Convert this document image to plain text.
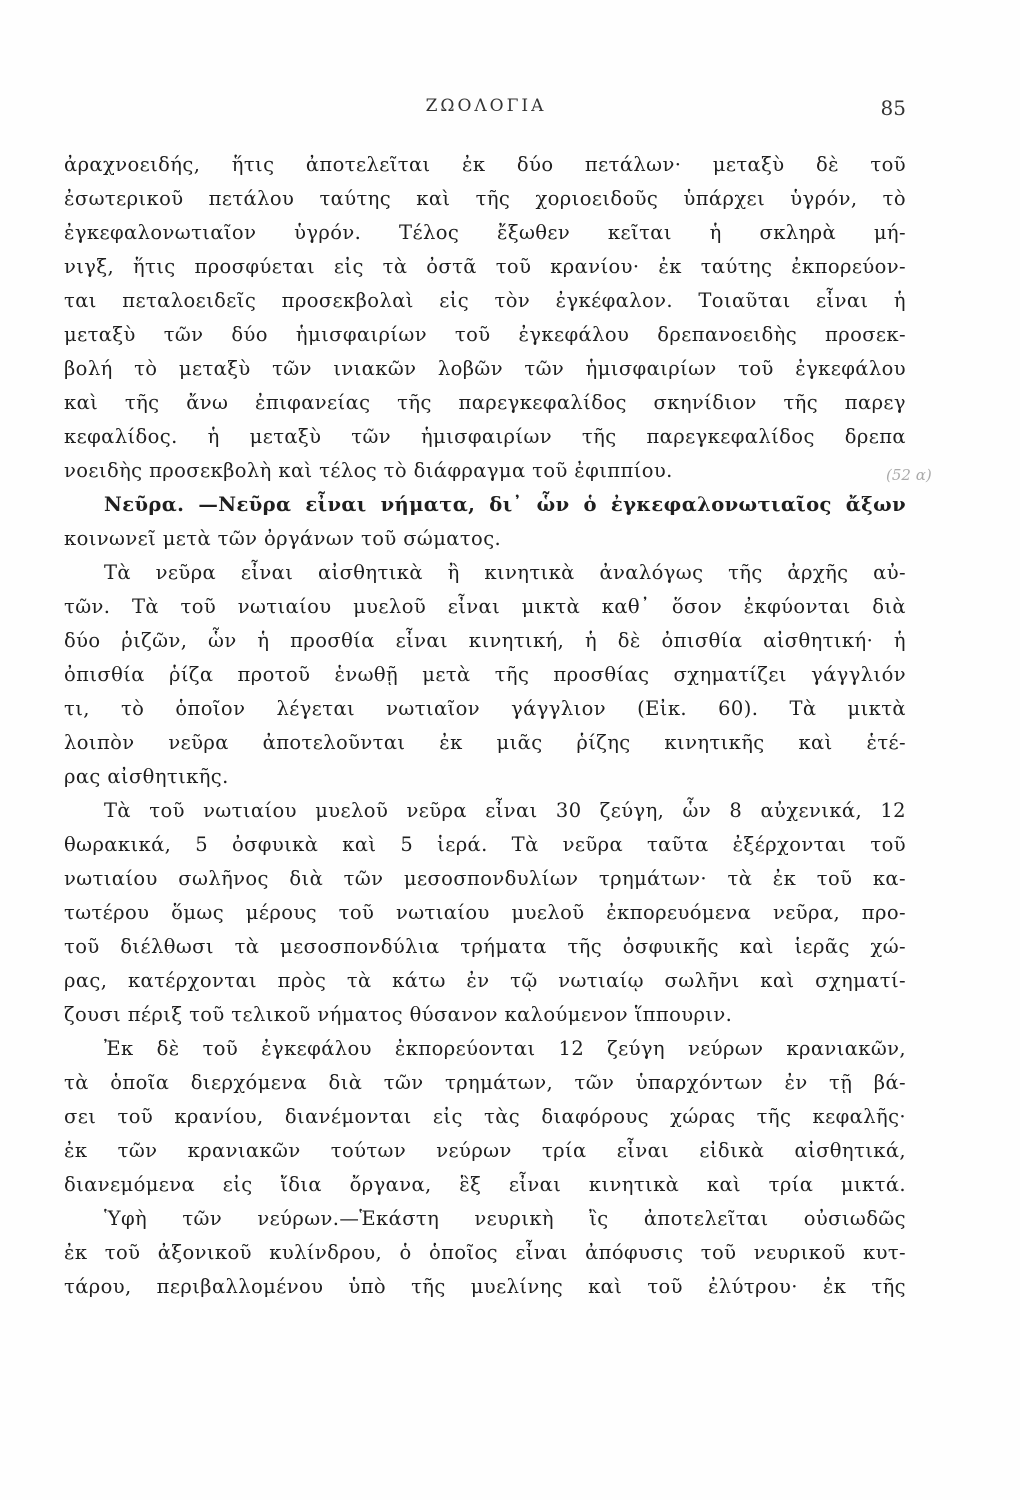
ΖΩΟΛΟΓΙΑ	85
(52 α)
ἀραχνοειδής, ἥτις ἀποτελεῖται ἐκ δύο πετάλων· μεταξὺ δὲ τοῦ
ἐσωτερικοῦ πετάλου ταύτης καὶ τῆς χοριοειδοῦς ὑπάρχει ὑγρόν, τὸ
ἐγκεφαλονωτιαῖον ὑγρόν. Τέλος ἔξωθεν κεῖται ἡ σκληρὰ μή-
νιγξ, ἥτις προσφύεται εἰς τὰ ὀστᾶ τοῦ κρανίου· ἐκ ταύτης ἐκπορεύον-
ται πεταλοειδεῖς προσεκβολαὶ εἰς τὸν ἐγκέφαλον. Τοιαῦται εἶναι ἡ
μεταξὺ τῶν δύο ἡμισφαιρίων τοῦ ἐγκεφάλου δρεπανοειδὴς προσεκ-
βολή τὸ μεταξὺ τῶν ινιακῶν λοβῶν τῶν ἡμισφαιρίων τοῦ ἐγκεφάλου
καὶ τῆς ἄνω ἐπιφανείας τῆς παρεγκεφαλίδος σκηνίδιον τῆς παρεγ
κεφαλίδος. ἡ μεταξὺ τῶν ἡμισφαιρίων τῆς παρεγκεφαλίδος δρεπα
νοειδὴς προσεκβολὴ καὶ τέλος τὸ διάφραγμα τοῦ ἐφιππίου.
Νεῦρα. —Νεῦρα εἶναι νήματα, δι᾽ ὧν ὁ ἐγκεφαλονωτιαῖος ἄξων
κοινωνεῖ μετὰ τῶν ὀργάνων τοῦ σώματος.
Τὰ νεῦρα εἶναι αἰσθητικὰ ἢ κινητικὰ ἀναλόγως τῆς ἀρχῆς αὐ-
τῶν. Τὰ τοῦ νωτιαίου μυελοῦ εἶναι μικτὰ καθ᾽ ὅσον ἐκφύονται διὰ
δύο ῥιζῶν, ὧν ἡ προσθία εἶναι κινητική, ἡ δὲ ὀπισθία αἰσθητική· ἡ
ὀπισθία ῥίζα προτοῦ ἑνωθῇ μετὰ τῆς προσθίας σχηματίζει γάγγλιόν
τι, τὸ ὁποῖον λέγεται νωτιαῖον γάγγλιον (Εἰκ. 60). Τὰ μικτὰ
λοιπὸν νεῦρα ἀποτελοῦνται ἐκ μιᾶς ῥίζης κινητικῆς καὶ ἑτέ-
ρας αἰσθητικῆς.
Τὰ τοῦ νωτιαίου μυελοῦ νεῦρα εἶναι 30 ζεύγη, ὧν 8 αὐχενικά, 12
θωρακικά, 5 ὀσφυικὰ καὶ 5 ἱερά. Τὰ νεῦρα ταῦτα ἐξέρχονται τοῦ
νωτιαίου σωλῆνος διὰ τῶν μεσοσπονδυλίων τρημάτων· τὰ ἐκ τοῦ κα-
τωτέρου ὅμως μέρους τοῦ νωτιαίου μυελοῦ ἐκπορευόμενα νεῦρα, προ-
τοῦ διέλθωσι τὰ μεσοσπονδύλια τρήματα τῆς ὀσφυικῆς καὶ ἱερᾶς χώ-
ρας, κατέρχονται πρὸς τὰ κάτω ἐν τῷ νωτιαίῳ σωλῆνι καὶ σχηματί-
ζουσι πέριξ τοῦ τελικοῦ νήματος θύσανον καλούμενον ἵππουριν.
Ἐκ δὲ τοῦ ἐγκεφάλου ἐκπορεύονται 12 ζεύγη νεύρων κρανιακῶν,
τὰ ὁποῖα διερχόμενα διὰ τῶν τρημάτων, τῶν ὑπαρχόντων ἐν τῇ βά-
σει τοῦ κρανίου, διανέμονται εἰς τὰς διαφόρους χώρας τῆς κεφαλῆς·
ἐκ τῶν κρανιακῶν τούτων νεύρων τρία εἶναι εἰδικὰ αἰσθητικά,
διανεμόμενα εἰς ἴδια ὄργανα, ἓξ εἶναι κινητικὰ καὶ τρία μικτά.
Ὑφὴ τῶν νεύρων.—Ἑκάστη νευρικὴ ἲς ἀποτελεῖται οὐσιωδῶς
ἐκ τοῦ ἀξονικοῦ κυλίνδρου, ὁ ὁποῖος εἶναι ἀπόφυσις τοῦ νευρικοῦ κυτ-
τάρου, περιβαλλομένου ὑπὸ τῆς μυελίνης καὶ τοῦ ἐλύτρου· ἐκ τῆς
